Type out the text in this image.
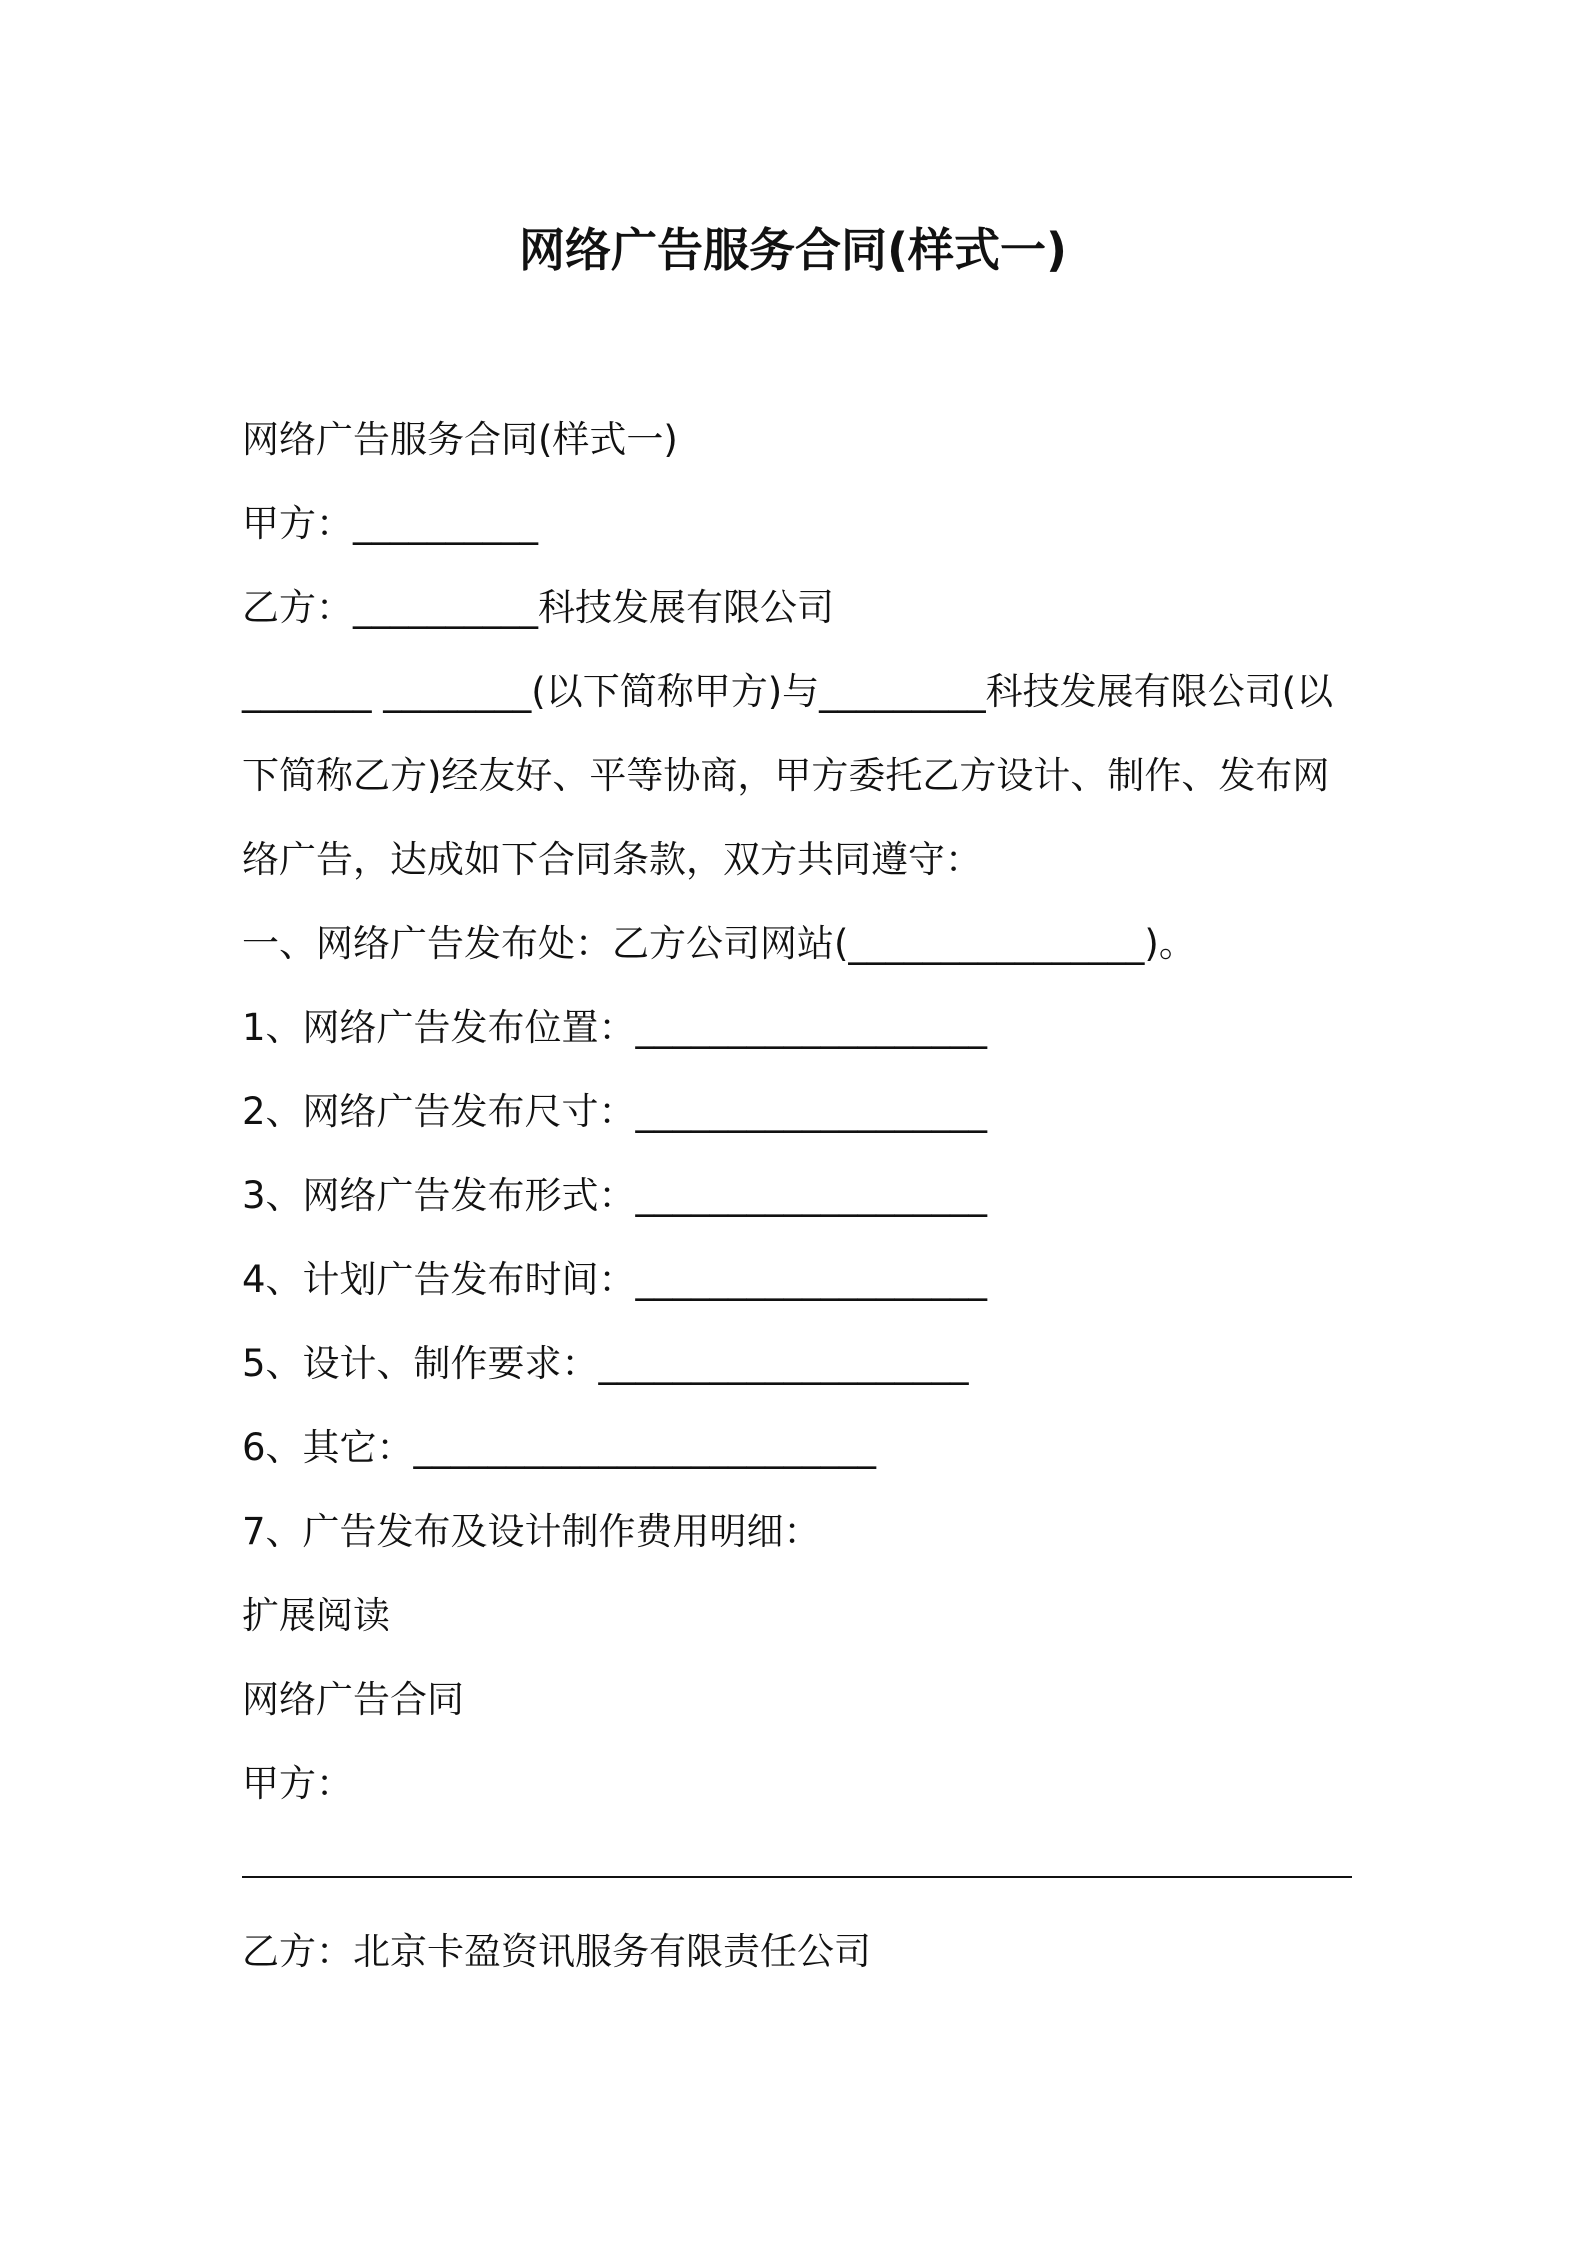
网络广告服务合同(样式一)
网络广告服务合同(样式一)
甲方：__________
乙方：__________科技发展有限公司
_______ ________(以下简称甲方)与_________科技发展有限公司(以下简称乙方)经友好、平等协商，甲方委托乙方设计、制作、发布网络广告，达成如下合同条款，双方共同遵守：
一、网络广告发布处：乙方公司网站(________________)。
1、网络广告发布位置：___________________
2、网络广告发布尺寸：___________________
3、网络广告发布形式：___________________
4、计划广告发布时间：___________________
5、设计、制作要求：____________________
6、其它：_________________________
7、广告发布及设计制作费用明细：
扩展阅读
网络广告合同
甲方：
乙方：北京卡盈资讯服务有限责任公司
